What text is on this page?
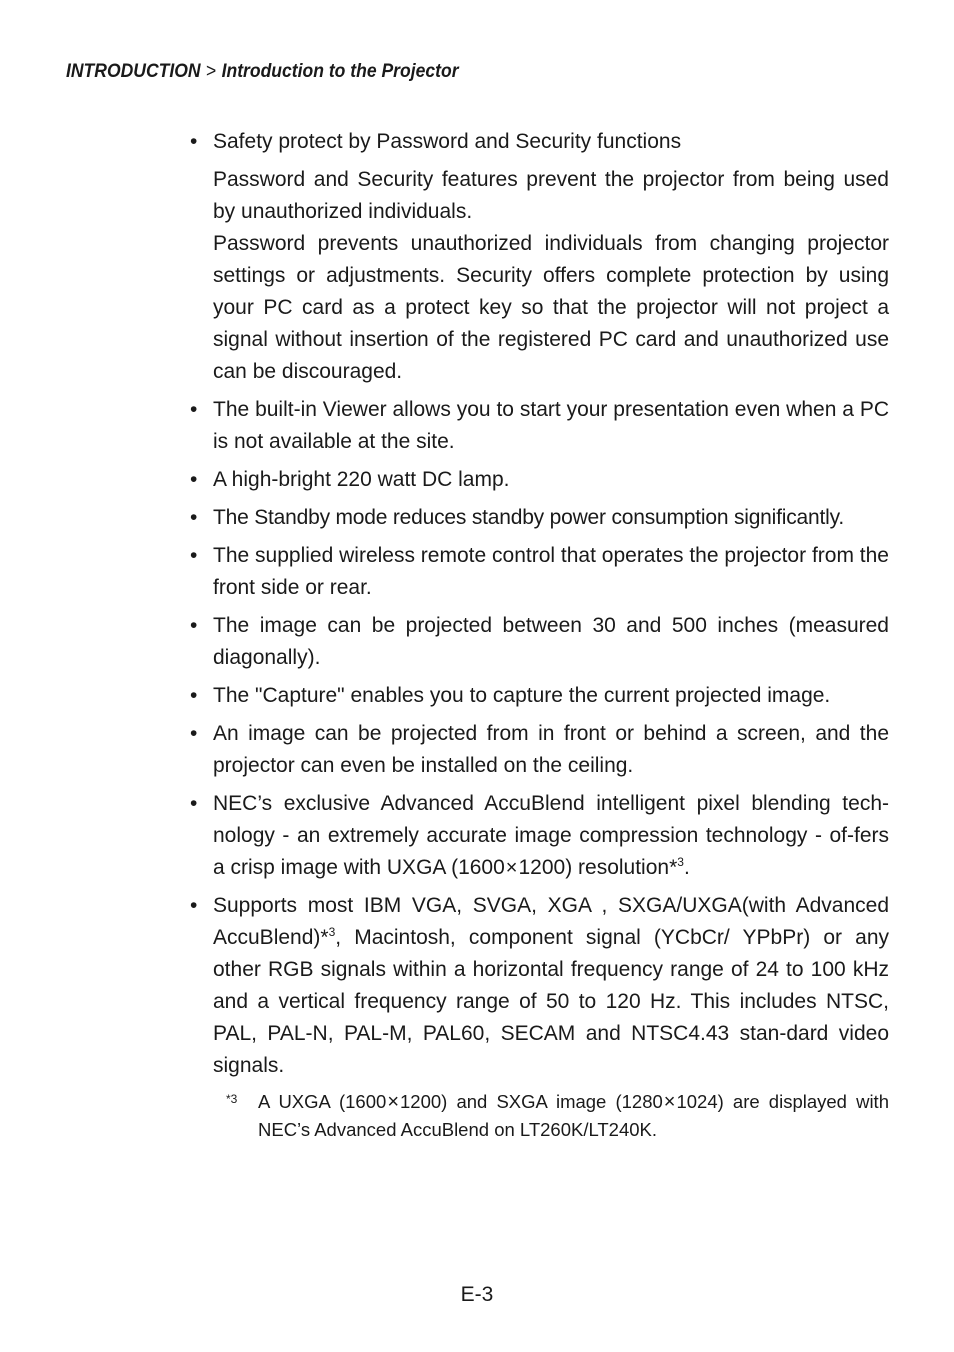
INTRODUCTION > Introduction to the Projector
• Safety protect by Password and Security functions

Password and Security features prevent the projector from being used by unauthorized individuals.

Password prevents unauthorized individuals from changing projector settings or adjustments. Security offers complete protection by using your PC card as a protect key so that the projector will not project a signal without insertion of the registered PC card and unauthorized use can be discouraged.

• The built-in Viewer allows you to start your presentation even when a PC is not available at the site.

• A high-bright 220 watt DC lamp.

• The Standby mode reduces standby power consumption significantly.

• The supplied wireless remote control that operates the projector from the front side or rear.

• The image can be projected between 30 and 500 inches (measured diagonally).

• The "Capture" enables you to capture the current projected image.

• An image can be projected from in front or behind a screen, and the projector can even be installed on the ceiling.

• NEC’s exclusive Advanced AccuBlend intelligent pixel blending tech-nology - an extremely accurate image compression technology - of-fers a crisp image with UXGA (1600×1200) resolution*$^3$.

• Supports most IBM VGA, SVGA, XGA , SXGA/UXGA(with Advanced AccuBlend)*$^3$, Macintosh, component signal (YCbCr/ YPbPr) or any other RGB signals within a horizontal frequency range of 24 to 100 kHz and a vertical frequency range of 50 to 120 Hz. This includes NTSC, PAL, PAL-N, PAL-M, PAL60, SECAM and NTSC4.43 stan-dard video signals.

*3 A UXGA (1600×1200) and SXGA image (1280×1024) are displayed with NEC’s Advanced AccuBlend on LT260K/LT240K.
E-3
